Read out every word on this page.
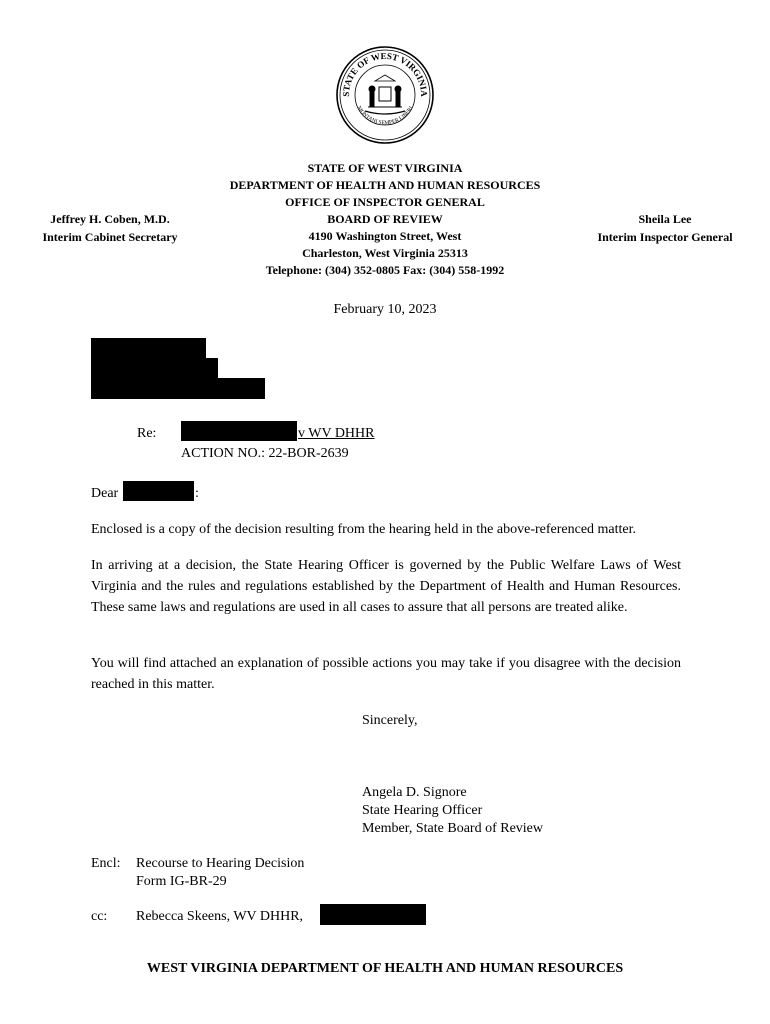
STATE OF WEST VIRGINIA
MONTANI SEMPER LIBERI
STATE OF WEST VIRGINIA
DEPARTMENT OF HEALTH AND HUMAN RESOURCES
OFFICE OF INSPECTOR GENERAL
BOARD OF REVIEW
4190 Washington Street, West
Charleston, West Virginia 25313
Telephone: (304) 352-0805 Fax: (304) 558-1992
Jeffrey H. Coben, M.D.
Interim Cabinet Secretary
Sheila Lee
Interim Inspector General
February 10, 2023
Re:	v WV DHHR
ACTION NO.: 22-BOR-2639
Dear	:
Enclosed is a copy of the decision resulting from the hearing held in the above-referenced matter.
In arriving at a decision, the State Hearing Officer is governed by the Public Welfare Laws of West Virginia and the rules and regulations established by the Department of Health and Human Resources. These same laws and regulations are used in all cases to assure that all persons are treated alike.
You will find attached an explanation of possible actions you may take if you disagree with the decision reached in this matter.
Sincerely,
Angela D. Signore
State Hearing Officer
Member, State Board of Review
Encl: Recourse to Hearing Decision
Form IG-BR-29
cc: Rebecca Skeens, WV DHHR,
WEST VIRGINIA DEPARTMENT OF HEALTH AND HUMAN RESOURCES
